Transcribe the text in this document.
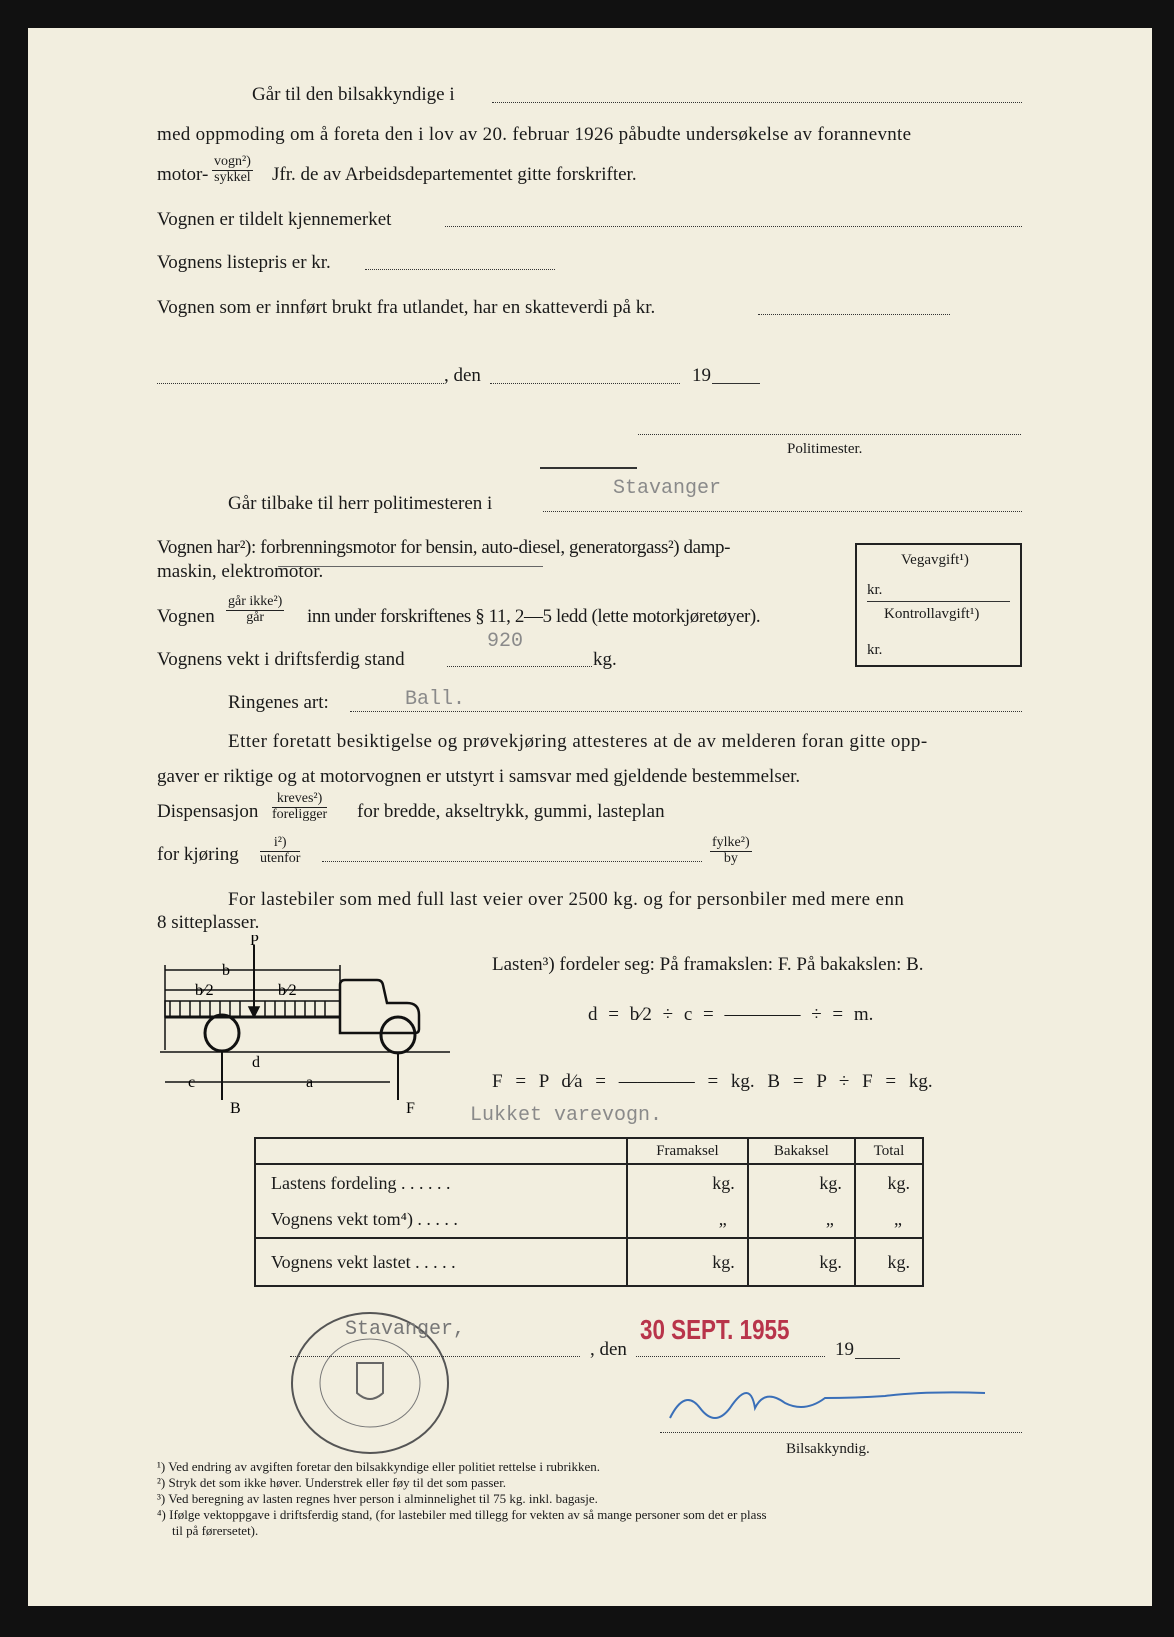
Går til den bilsakkyndige i
med oppmoding om å foreta den i lov av 20. februar 1926 påbudte undersøkelse av forannevnte
motor-
vogn²)
sykkel Jfr. de av Arbeidsdepartementet gitte forskrifter.
Vognen er tildelt kjennemerket
Vognens listepris er kr.
Vognen som er innført brukt fra utlandet, har en skatteverdi på kr.
, den	19
Politimester.
Går tilbake til herr politimesteren i
Stavanger
Vognen har²): forbrenningsmotor for bensin, auto-diesel, generatorgass²) damp-
maskin, elektromotor.
Vognen
går ikke²)
går	inn under forskriftenes § 11, 2—5 ledd (lette motorkjøretøyer).
Vognens vekt i driftsferdig stand
920
kg.
Vegavgift¹)
kr.
Kontrollavgift¹)
kr.
Ringenes art:	Ball.
Etter foretatt besiktigelse og prøvekjøring attesteres at de av melderen foran gitte opp-
gaver er riktige og at motorvognen er utstyrt i samsvar med gjeldende bestemmelser.
Dispensasjon
kreves²)
foreligger for bredde, akseltrykk, gummi, lasteplan
for kjøring
i²)
utenfor
fylke²)
by
For lastebiler som med full last veier over 2500 kg. og for personbiler med mere enn
8 sitteplasser.
P
b
b⁄2	b⁄2
c
d
a
B	F
Lasten³) fordeler seg: På framakslen: F. På bakakslen: B.
d = b⁄2 ÷ c = ———— ÷ = m.
F = P d⁄a = ———— = kg. B = P ÷ F = kg.
Lukket varevogn.
	Framaksel	Bakaksel	Total
Lastens fordeling . . . . . .	kg.	kg.	kg.
Vognens vekt tom⁴) . . . . .	„	„	„
Vognens vekt lastet . . . . .	kg.	kg.	kg.
Stavanger,
, den
30 SEPT. 1955
19
Bilsakkyndig.
¹) Ved endring av avgiften foretar den bilsakkyndige eller politiet rettelse i rubrikken.
²) Stryk det som ikke høver. Understrek eller føy til det som passer.
³) Ved beregning av lasten regnes hver person i alminnelighet til 75 kg. inkl. bagasje.
⁴) Ifølge vektoppgave i driftsferdig stand, (for lastebiler med tillegg for vekten av så mange personer som det er plass
til på førersetet).
